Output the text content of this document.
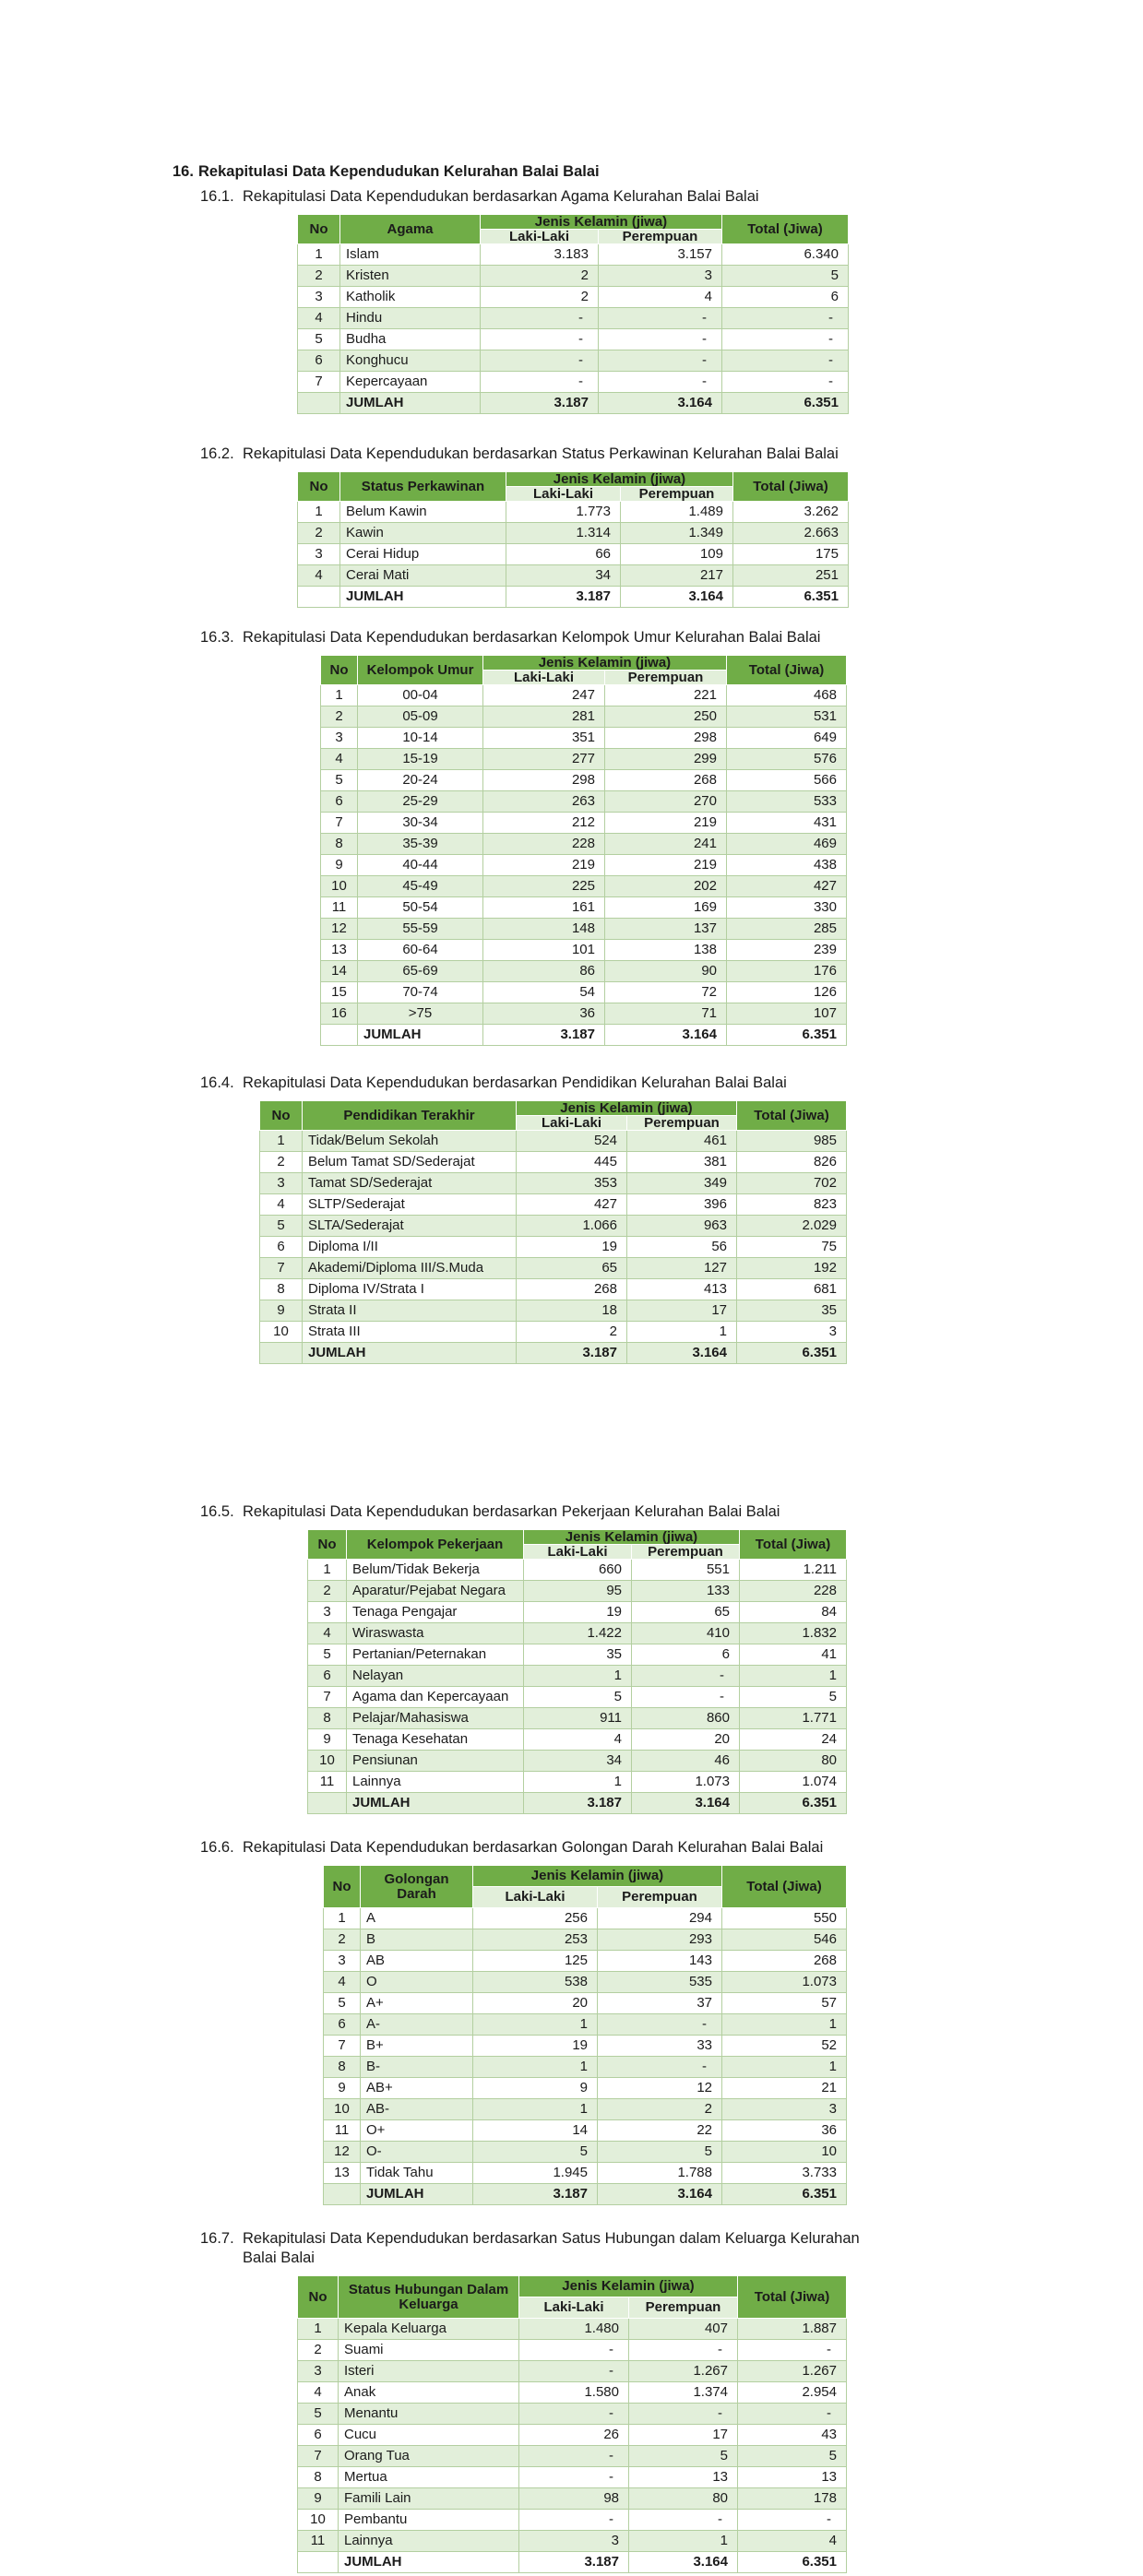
16. Rekapitulasi Data Kependudukan Kelurahan Balai Balai
16.1. Rekapitulasi Data Kependudukan berdasarkan Agama Kelurahan Balai Balai
No	Agama	Jenis Kelamin (jiwa)		Total (Jiwa)
		Laki-Laki	Perempuan	
1	Islam	3.183	3.157	6.340
2	Kristen	2	3	5
3	Katholik	2	4	6
4	Hindu	-	-	-
5	Budha	-	-	-
6	Konghucu	-	-	-
7	Kepercayaan	-	-	-
	JUMLAH	3.187	3.164	6.351
16.2. Rekapitulasi Data Kependudukan berdasarkan Status Perkawinan Kelurahan Balai Balai
No	Status Perkawinan	Jenis Kelamin (jiwa)		Total (Jiwa)
		Laki-Laki	Perempuan	
1	Belum Kawin	1.773	1.489	3.262
2	Kawin	1.314	1.349	2.663
3	Cerai Hidup	66	109	175
4	Cerai Mati	34	217	251
	JUMLAH	3.187	3.164	6.351
16.3. Rekapitulasi Data Kependudukan berdasarkan Kelompok Umur Kelurahan Balai Balai
No	Kelompok Umur	Jenis Kelamin (jiwa)		Total (Jiwa)
		Laki-Laki	Perempuan	
1	00-04	247	221	468
2	05-09	281	250	531
3	10-14	351	298	649
4	15-19	277	299	576
5	20-24	298	268	566
6	25-29	263	270	533
7	30-34	212	219	431
8	35-39	228	241	469
9	40-44	219	219	438
10	45-49	225	202	427
11	50-54	161	169	330
12	55-59	148	137	285
13	60-64	101	138	239
14	65-69	86	90	176
15	70-74	54	72	126
16	>75	36	71	107
	JUMLAH	3.187	3.164	6.351
16.4. Rekapitulasi Data Kependudukan berdasarkan Pendidikan Kelurahan Balai Balai
No	Pendidikan Terakhir	Jenis Kelamin (jiwa)		Total (Jiwa)
		Laki-Laki	Perempuan	
1	Tidak/Belum Sekolah	524	461	985
2	Belum Tamat SD/Sederajat	445	381	826
3	Tamat SD/Sederajat	353	349	702
4	SLTP/Sederajat	427	396	823
5	SLTA/Sederajat	1.066	963	2.029
6	Diploma I/II	19	56	75
7	Akademi/Diploma III/S.Muda	65	127	192
8	Diploma IV/Strata I	268	413	681
9	Strata II	18	17	35
10	Strata III	2	1	3
	JUMLAH	3.187	3.164	6.351
16.5. Rekapitulasi Data Kependudukan berdasarkan Pekerjaan Kelurahan Balai Balai
No	Kelompok Pekerjaan	Jenis Kelamin (jiwa)		Total (Jiwa)
		Laki-Laki	Perempuan	
1	Belum/Tidak Bekerja	660	551	1.211
2	Aparatur/Pejabat Negara	95	133	228
3	Tenaga Pengajar	19	65	84
4	Wiraswasta	1.422	410	1.832
5	Pertanian/Peternakan	35	6	41
6	Nelayan	1	-	1
7	Agama dan Kepercayaan	5	-	5
8	Pelajar/Mahasiswa	911	860	1.771
9	Tenaga Kesehatan	4	20	24
10	Pensiunan	34	46	80
11	Lainnya	1	1.073	1.074
	JUMLAH	3.187	3.164	6.351
16.6. Rekapitulasi Data Kependudukan berdasarkan Golongan Darah Kelurahan Balai Balai
No	Golongan Darah	Jenis Kelamin (jiwa)		Total (Jiwa)
		Laki-Laki	Perempuan	
1	A	256	294	550
2	B	253	293	546
3	AB	125	143	268
4	O	538	535	1.073
5	A+	20	37	57
6	A-	1	-	1
7	B+	19	33	52
8	B-	1	-	1
9	AB+	9	12	21
10	AB-	1	2	3
11	O+	14	22	36
12	O-	5	5	10
13	Tidak Tahu	1.945	1.788	3.733
	JUMLAH	3.187	3.164	6.351
16.7. Rekapitulasi Data Kependudukan berdasarkan Satus Hubungan dalam Keluarga Kelurahan Balai Balai
No	Status Hubungan Dalam Keluarga	Jenis Kelamin (jiwa)		Total (Jiwa)
		Laki-Laki	Perempuan	
1	Kepala Keluarga	1.480	407	1.887
2	Suami	-	-	-
3	Isteri	-	1.267	1.267
4	Anak	1.580	1.374	2.954
5	Menantu	-	-	-
6	Cucu	26	17	43
7	Orang Tua	-	5	5
8	Mertua	-	13	13
9	Famili Lain	98	80	178
10	Pembantu	-	-	-
11	Lainnya	3	1	4
	JUMLAH	3.187	3.164	6.351
